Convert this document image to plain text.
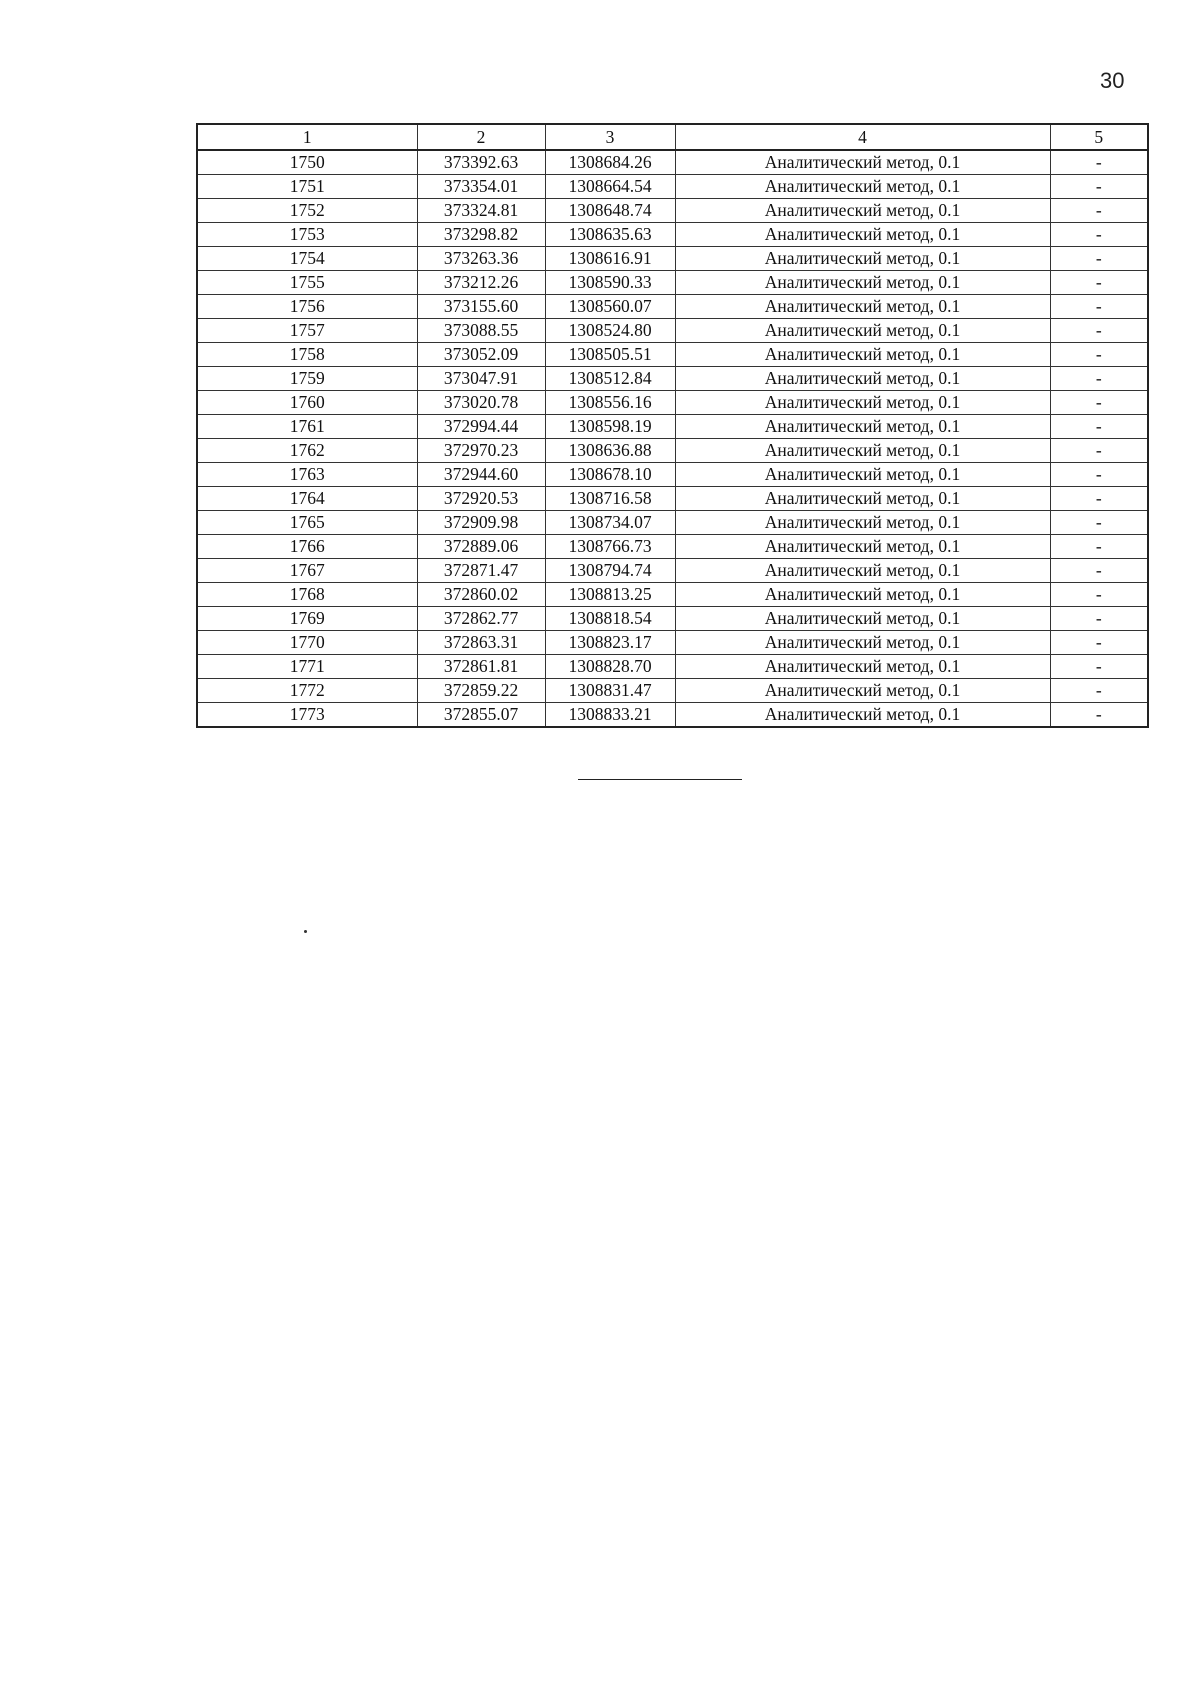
30
1	2	3	4	5
1750	373392.63	1308684.26	Аналитический метод, 0.1	-
1751	373354.01	1308664.54	Аналитический метод, 0.1	-
1752	373324.81	1308648.74	Аналитический метод, 0.1	-
1753	373298.82	1308635.63	Аналитический метод, 0.1	-
1754	373263.36	1308616.91	Аналитический метод, 0.1	-
1755	373212.26	1308590.33	Аналитический метод, 0.1	-
1756	373155.60	1308560.07	Аналитический метод, 0.1	-
1757	373088.55	1308524.80	Аналитический метод, 0.1	-
1758	373052.09	1308505.51	Аналитический метод, 0.1	-
1759	373047.91	1308512.84	Аналитический метод, 0.1	-
1760	373020.78	1308556.16	Аналитический метод, 0.1	-
1761	372994.44	1308598.19	Аналитический метод, 0.1	-
1762	372970.23	1308636.88	Аналитический метод, 0.1	-
1763	372944.60	1308678.10	Аналитический метод, 0.1	-
1764	372920.53	1308716.58	Аналитический метод, 0.1	-
1765	372909.98	1308734.07	Аналитический метод, 0.1	-
1766	372889.06	1308766.73	Аналитический метод, 0.1	-
1767	372871.47	1308794.74	Аналитический метод, 0.1	-
1768	372860.02	1308813.25	Аналитический метод, 0.1	-
1769	372862.77	1308818.54	Аналитический метод, 0.1	-
1770	372863.31	1308823.17	Аналитический метод, 0.1	-
1771	372861.81	1308828.70	Аналитический метод, 0.1	-
1772	372859.22	1308831.47	Аналитический метод, 0.1	-
1773	372855.07	1308833.21	Аналитический метод, 0.1	-
